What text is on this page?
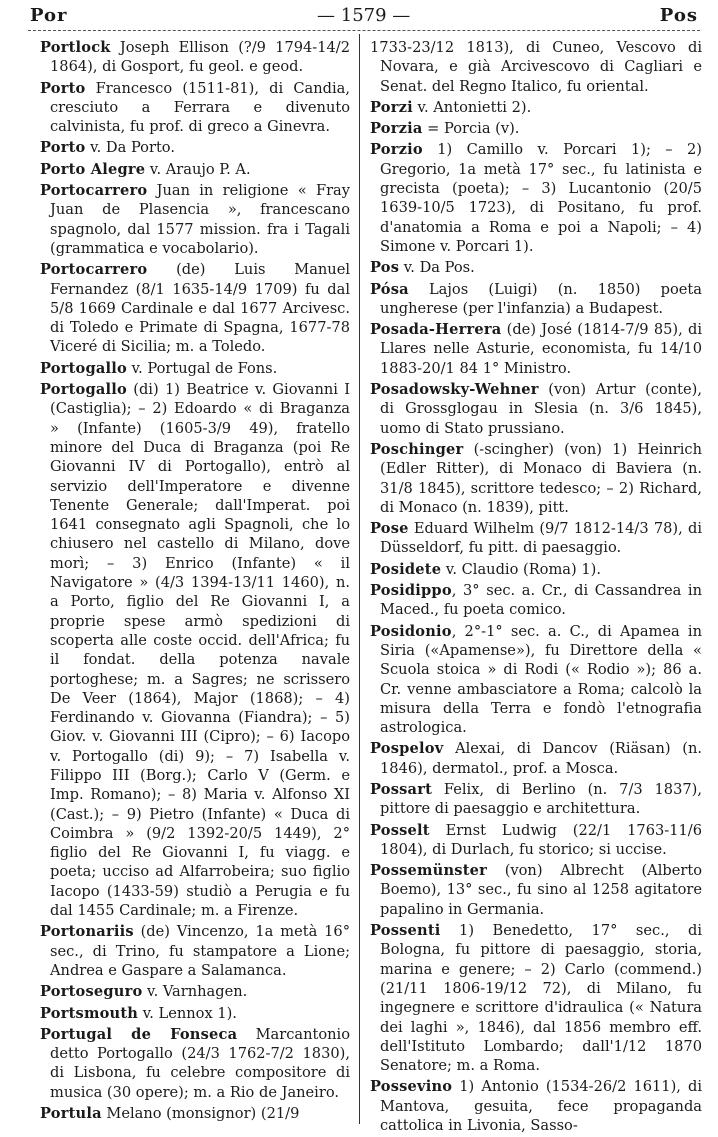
Por	— 1579 —	Pos

Portlock Joseph Ellison (?/9 1794-14/2 1864), di Gosport, fu geol. e geod.

Porto Francesco (1511-81), di Candia, cresciuto a Ferrara e divenuto calvinista, fu prof. di greco a Ginevra.

Porto v. Da Porto.

Porto Alegre v. Araujo P. A.

Portocarrero Juan in religione « Fray Juan de Plasencia », francescano spagnolo, dal 1577 mission. fra i Tagali (grammatica e vocabolario).

Portocarrero (de) Luis Manuel Fernandez (8/1 1635-14/9 1709) fu dal 5/8 1669 Cardinale e dal 1677 Arcivesc. di Toledo e Primate di Spagna, 1677-78 Viceré di Sicilia; m. a Toledo.

Portogallo v. Portugal de Fons.

Portogallo (di) 1) Beatrice v. Giovanni I (Castiglia); – 2) Edoardo « di Braganza » (Infante) (1605-3/9 49), fratello minore del Duca di Braganza (poi Re Giovanni IV di Portogallo), entrò al servizio dell'Imperatore e divenne Tenente Generale; dall'Imperat. poi 1641 consegnato agli Spagnoli, che lo chiusero nel castello di Milano, dove morì; – 3) Enrico (Infante) « il Navigatore » (4/3 1394-13/11 1460), n. a Porto, figlio del Re Giovanni I, a proprie spese armò spedizioni di scoperta alle coste occid. dell'Africa; fu il fondat. della potenza navale portoghese; m. a Sagres; ne scrissero De Veer (1864), Major (1868); – 4) Ferdinando v. Giovanna (Fiandra); – 5) Giov. v. Giovanni III (Cipro); – 6) Iacopo v. Portogallo (di) 9); – 7) Isabella v. Filippo III (Borg.); Carlo V (Germ. e Imp. Romano); – 8) Maria v. Alfonso XI (Cast.); – 9) Pietro (Infante) « Duca di Coimbra » (9/2 1392-20/5 1449), 2° figlio del Re Giovanni I, fu viagg. e poeta; ucciso ad Alfarrobeira; suo figlio Iacopo (1433-59) studiò a Perugia e fu dal 1455 Cardinale; m. a Firenze.

Portonariis (de) Vincenzo, 1a metà 16° sec., di Trino, fu stampatore a Lione; Andrea e Gaspare a Salamanca.

Portoseguro v. Varnhagen.

Portsmouth v. Lennox 1).

Portugal de Fonseca Marcantonio detto Portogallo (24/3 1762-7/2 1830), di Lisbona, fu celebre compositore di musica (30 opere); m. a Rio de Janeiro.

Portula Melano (monsignor) (21/9

1733-23/12 1813), di Cuneo, Vescovo di Novara, e già Arcivescovo di Cagliari e Senat. del Regno Italico, fu oriental.

Porzi v. Antonietti 2).

Porzia = Porcia (v).

Porzio 1) Camillo v. Porcari 1); – 2) Gregorio, 1a metà 17° sec., fu latinista e grecista (poeta); – 3) Lucantonio (20/5 1639-10/5 1723), di Positano, fu prof. d'anatomia a Roma e poi a Napoli; – 4) Simone v. Porcari 1).

Pos v. Da Pos.

Pósa Lajos (Luigi) (n. 1850) poeta ungherese (per l'infanzia) a Budapest.

Posada-Herrera (de) José (1814-7/9 85), di Llares nelle Asturie, economista, fu 14/10 1883-20/1 84 1° Ministro.

Posadowsky-Wehner (von) Artur (conte), di Grossglogau in Slesia (n. 3/6 1845), uomo di Stato prussiano.

Poschinger (-scingher) (von) 1) Heinrich (Edler Ritter), di Monaco di Baviera (n. 31/8 1845), scrittore tedesco; – 2) Richard, di Monaco (n. 1839), pitt.

Pose Eduard Wilhelm (9/7 1812-14/3 78), di Düsseldorf, fu pitt. di paesaggio.

Posidete v. Claudio (Roma) 1).

Posidippo, 3° sec. a. Cr., di Cassandrea in Maced., fu poeta comico.

Posidonio, 2°-1° sec. a. C., di Apamea in Siria («Apamense»), fu Direttore della « Scuola stoica » di Rodi (« Rodio »); 86 a. Cr. venne ambasciatore a Roma; calcolò la misura della Terra e fondò l'etnografia astrologica.

Pospelov Alexai, di Dancov (Riäsan) (n. 1846), dermatol., prof. a Mosca.

Possart Felix, di Berlino (n. 7/3 1837), pittore di paesaggio e architettura.

Posselt Ernst Ludwig (22/1 1763-11/6 1804), di Durlach, fu storico; si uccise.

Possemünster (von) Albrecht (Alberto Boemo), 13° sec., fu sino al 1258 agitatore papalino in Germania.

Possenti 1) Benedetto, 17° sec., di Bologna, fu pittore di paesaggio, storia, marina e genere; – 2) Carlo (commend.) (21/11 1806-19/12 72), di Milano, fu ingegnere e scrittore d'idraulica (« Natura dei laghi », 1846), dal 1856 membro eff. dell'Istituto Lombardo; dall'1/12 1870 Senatore; m. a Roma.

Possevino 1) Antonio (1534-26/2 1611), di Mantova, gesuita, fece propaganda cattolica in Livonia, Sasso-
